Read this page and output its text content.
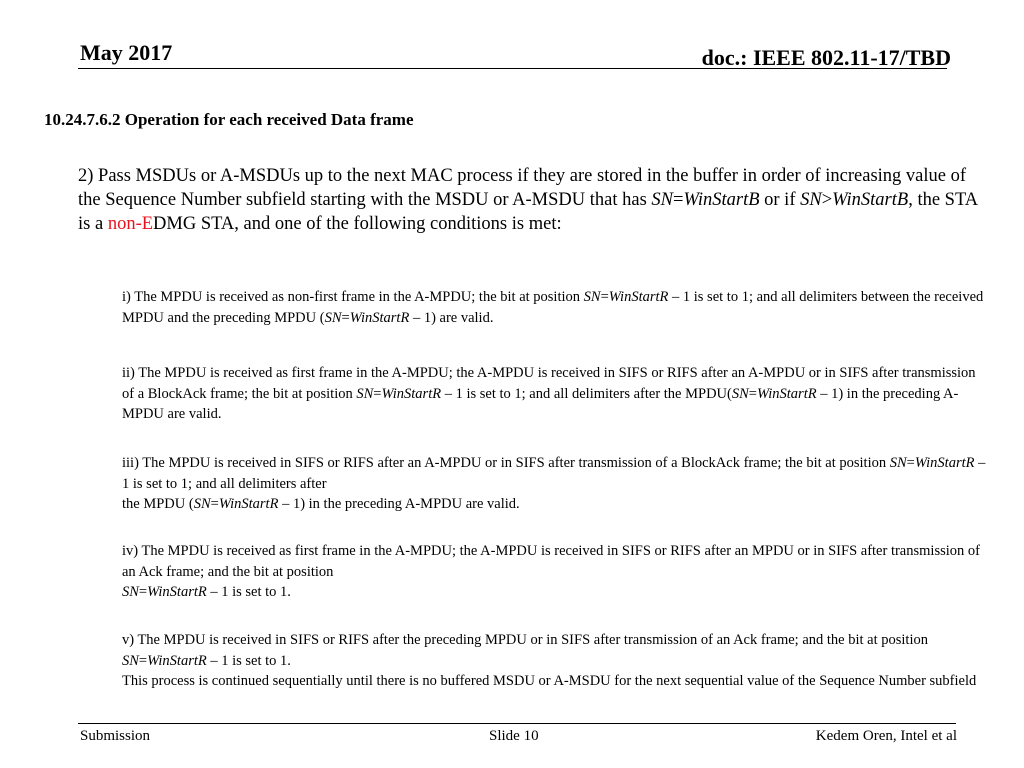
May 2017	doc.: IEEE 802.11-17/TBD
10.24.7.6.2 Operation for each received Data frame
2) Pass MSDUs or A-MSDUs up to the next MAC process if they are stored in the buffer in order of increasing value of the Sequence Number subfield starting with the MSDU or A-MSDU that has SN=WinStartB or if SN>WinStartB, the STA is a non-EDMG STA, and one of the following conditions is met:
i) The MPDU is received as non-first frame in the A-MPDU; the bit at position SN=WinStartR – 1 is set to 1; and all delimiters between the received MPDU and the preceding MPDU (SN=WinStartR – 1) are valid.
ii) The MPDU is received as first frame in the A-MPDU; the A-MPDU is received in SIFS or RIFS after an A-MPDU or in SIFS after transmission of a BlockAck frame; the bit at position SN=WinStartR – 1 is set to 1; and all delimiters after the MPDU(SN=WinStartR – 1) in the preceding A-MPDU are valid.
iii) The MPDU is received in SIFS or RIFS after an A-MPDU or in SIFS after transmission of a BlockAck frame; the bit at position SN=WinStartR – 1 is set to 1; and all delimiters after
the MPDU (SN=WinStartR – 1) in the preceding A-MPDU are valid.
iv) The MPDU is received as first frame in the A-MPDU; the A-MPDU is received in SIFS or RIFS after an MPDU or in SIFS after transmission of an Ack frame; and the bit at position
SN=WinStartR – 1 is set to 1.
v) The MPDU is received in SIFS or RIFS after the preceding MPDU or in SIFS after transmission of an Ack frame; and the bit at position SN=WinStartR – 1 is set to 1.
This process is continued sequentially until there is no buffered MSDU or A-MSDU for the next sequential value of the Sequence Number subfield
Submission	Slide 10	Kedem Oren, Intel et al
